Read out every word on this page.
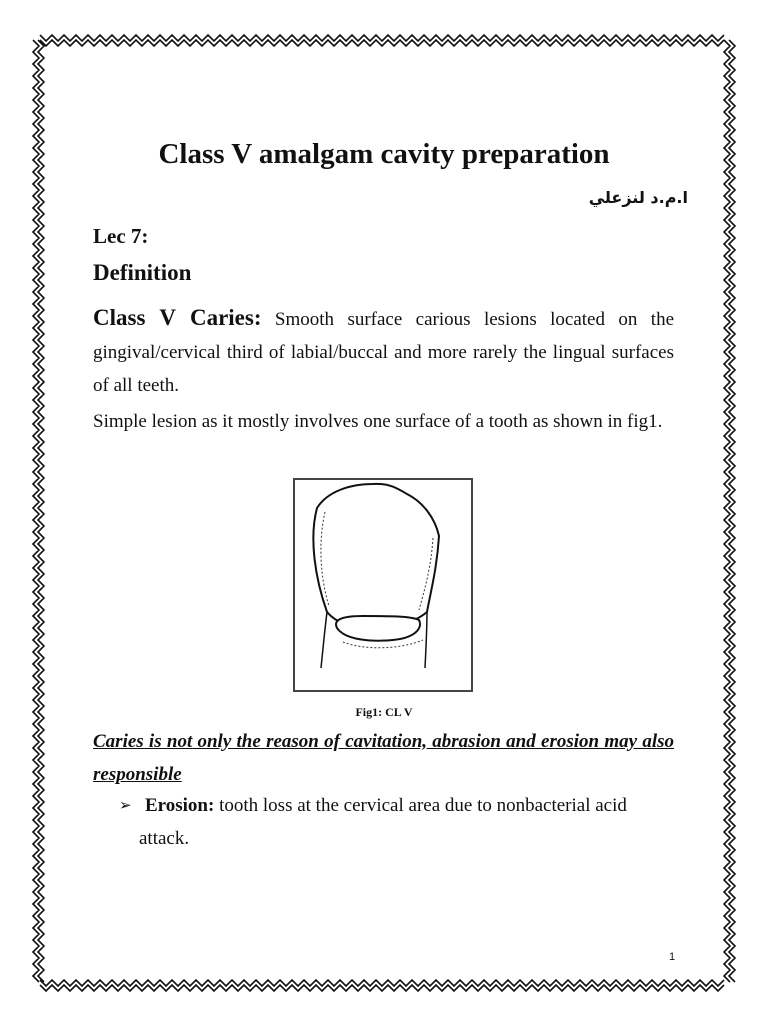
Class V amalgam cavity preparation
ا.م.د لنزعلي
Lec 7:
Definition
Class V Caries: Smooth surface carious lesions located on the gingival/cervical third of labial/buccal and more rarely the lingual surfaces of all teeth.
Simple lesion as it mostly involves one surface of a tooth as shown in fig1.
Fig1: CL V
Caries is not only the reason of cavitation, abrasion and erosion may also responsible
➢ Erosion: tooth loss at the cervical area due to nonbacterial acid
attack.
1
